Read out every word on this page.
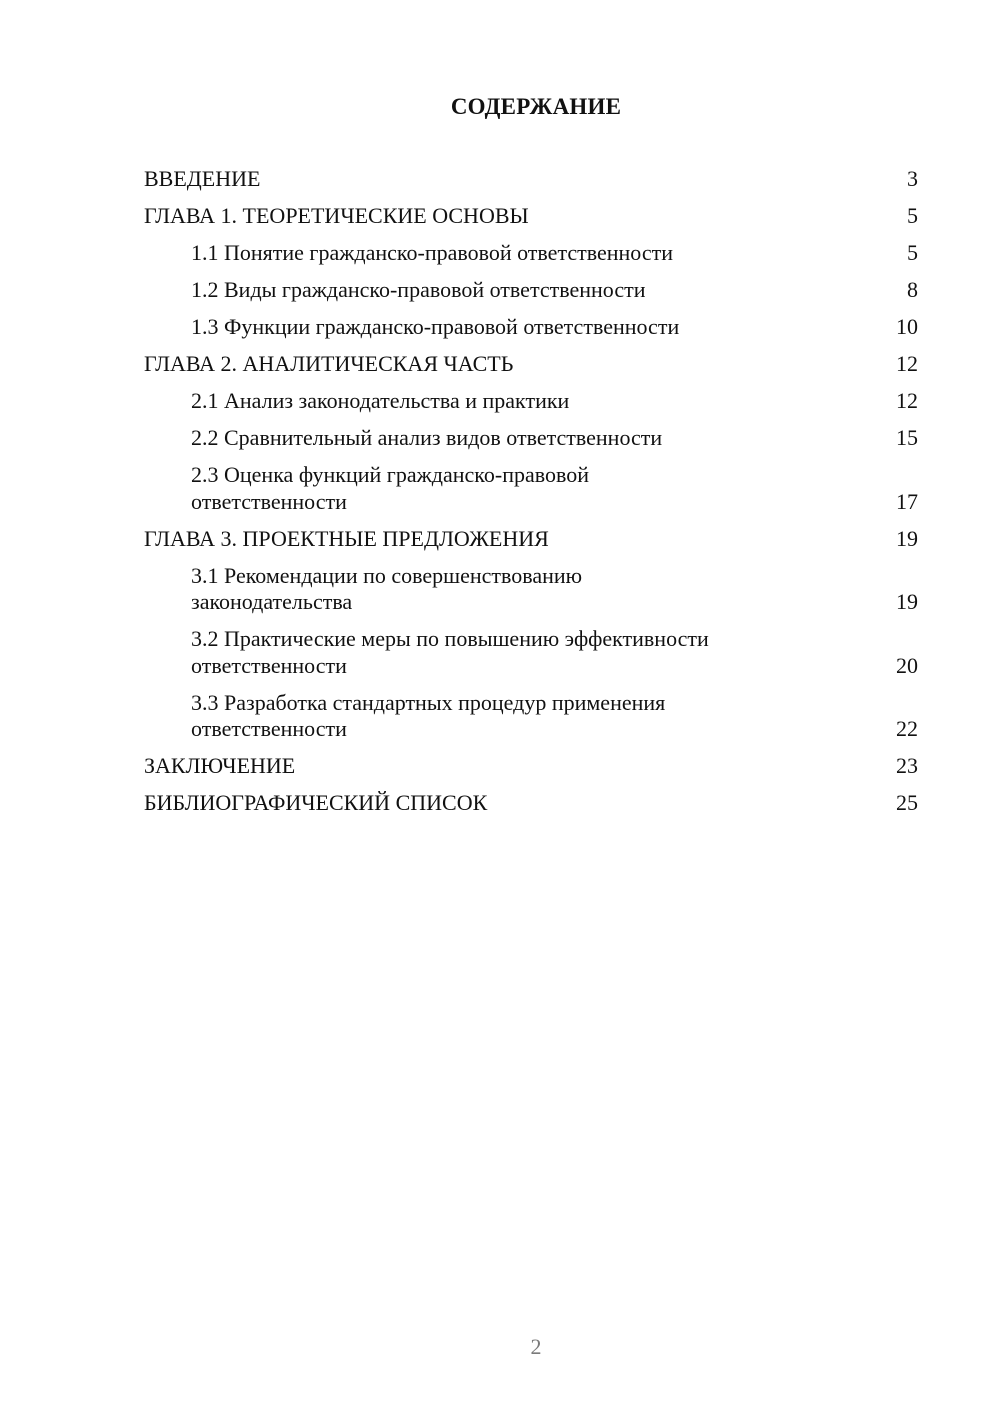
СОДЕРЖАНИЕ
ВВЕДЕНИЕ	3
ГЛАВА 1. ТЕОРЕТИЧЕСКИЕ ОСНОВЫ	5
1.1 Понятие гражданско-правовой ответственности	5
1.2 Виды гражданско-правовой ответственности	8
1.3 Функции гражданско-правовой ответственности	10
ГЛАВА 2. АНАЛИТИЧЕСКАЯ ЧАСТЬ	12
2.1 Анализ законодательства и практики	12
2.2 Сравнительный анализ видов ответственности	15
2.3 Оценка функций гражданско-правовой ответственности	17
ГЛАВА 3. ПРОЕКТНЫЕ ПРЕДЛОЖЕНИЯ	19
3.1 Рекомендации по совершенствованию законодательства	19
3.2 Практические меры по повышению эффективности ответственности	20
3.3 Разработка стандартных процедур применения ответственности	22
ЗАКЛЮЧЕНИЕ	23
БИБЛИОГРАФИЧЕСКИЙ СПИСОК	25
2
